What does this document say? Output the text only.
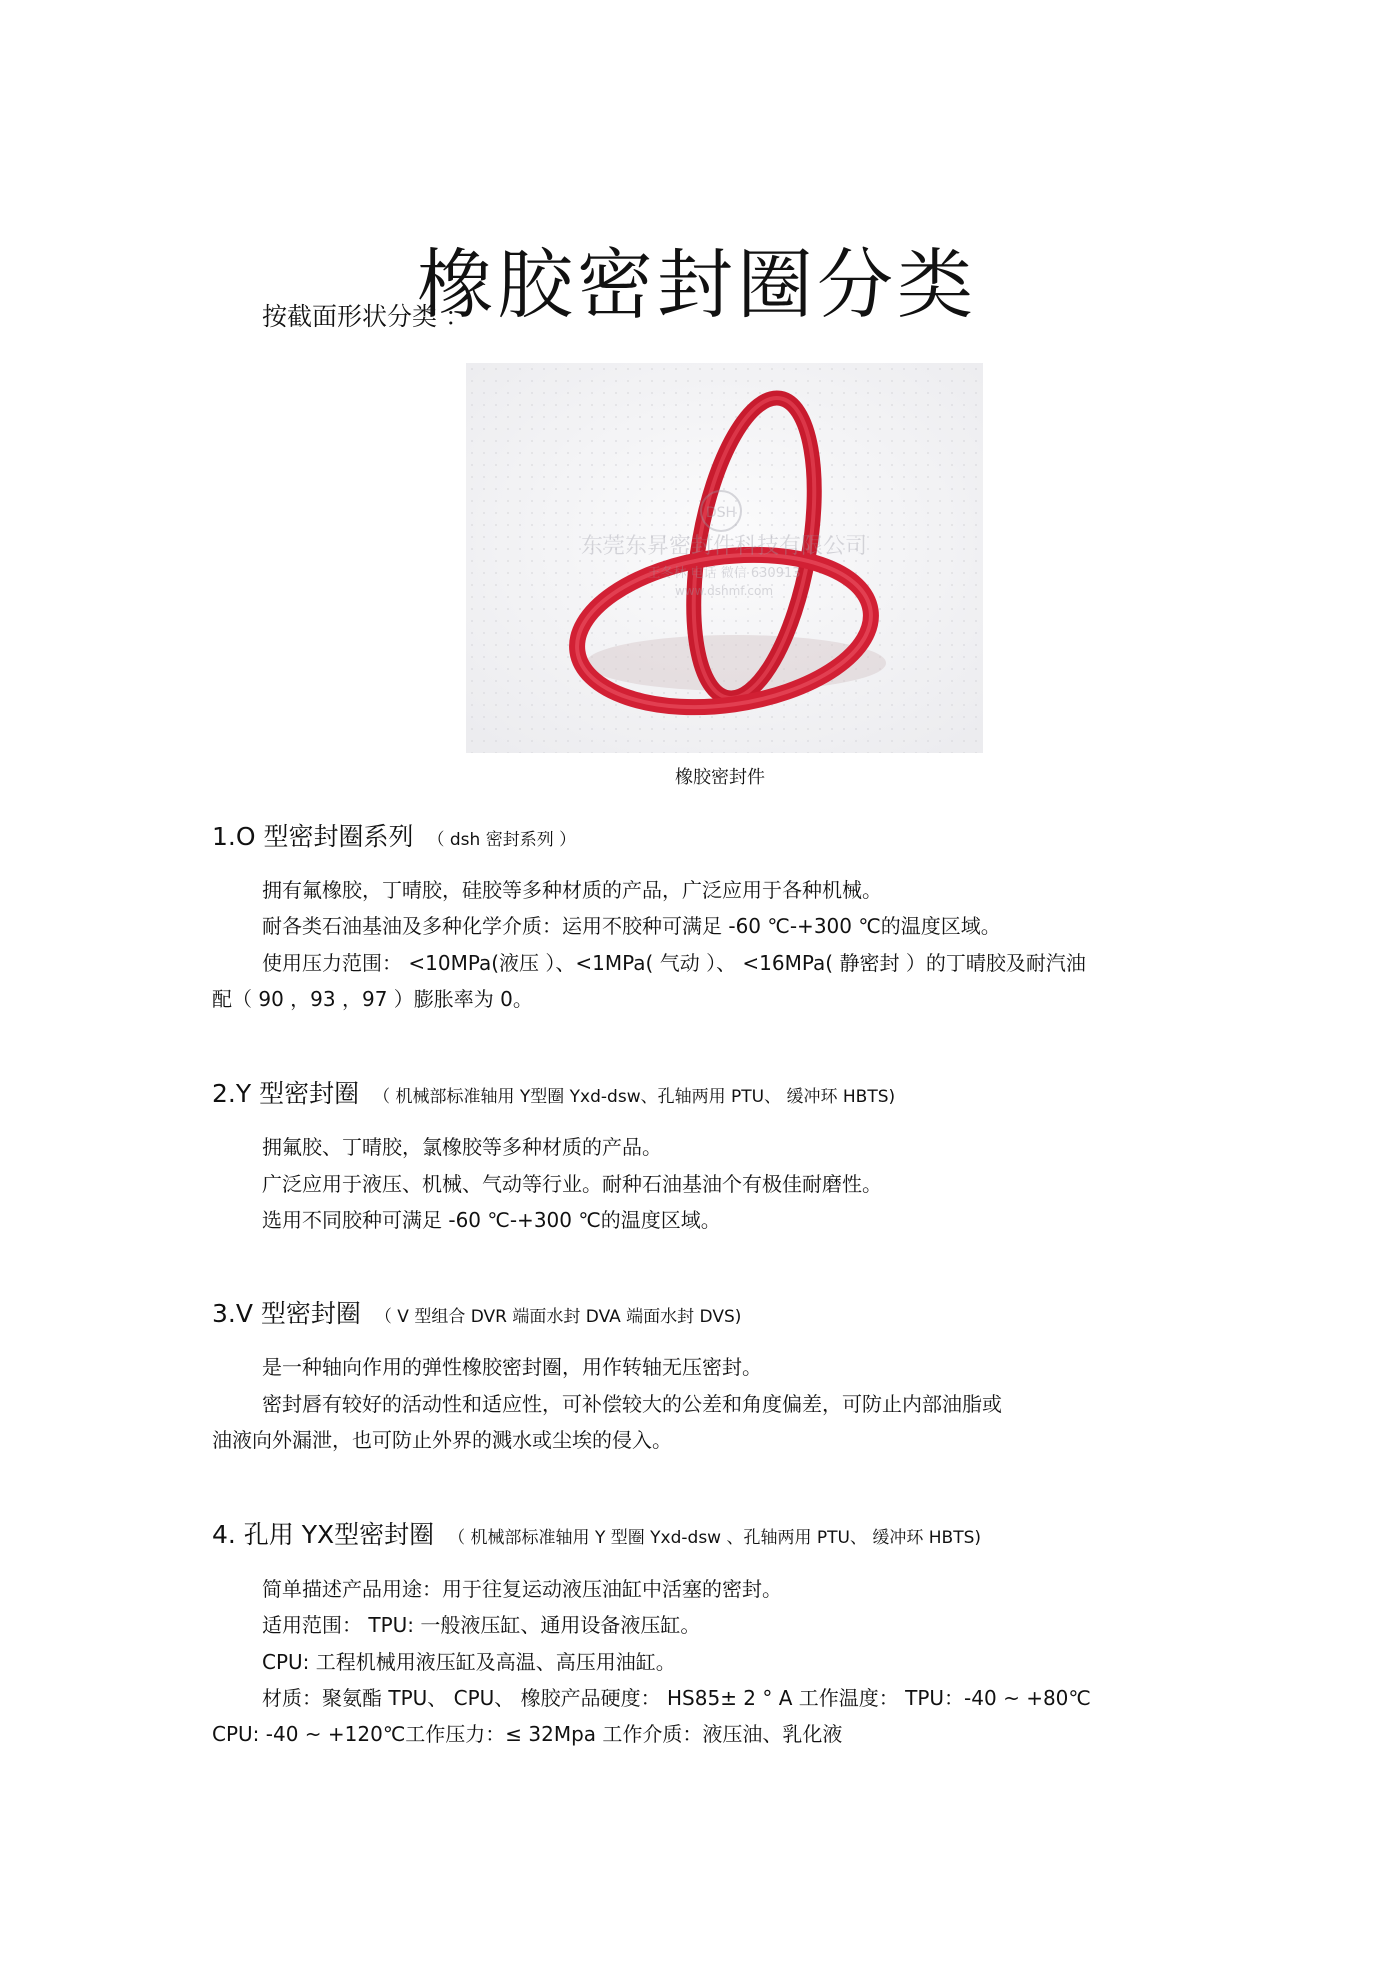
橡胶密封圈分类
按截面形状分类 ：
DSH
东莞东昇密封件科技有限公司
王冬林 电话 微信 630913
www.dshmf.com
橡胶密封件
1.O 型密封圈系列 （ dsh 密封系列 ）
拥有氟橡胶，丁晴胶，硅胶等多种材质的产品，广泛应用于各种机械。
耐各类石油基油及多种化学介质：运用不胶种可满足 -60 ℃-+300 ℃的温度区域。
使用压力范围： <10MPa(液压 ）、<1MPa( 气动 ）、 <16MPa( 静密封 ）的丁晴胶及耐汽油
配（ 90 ，93 ，97 ）膨胀率为 0。
2.Y 型密封圈 （ 机械部标准轴用 Y型圈 Yxd-dsw、孔轴两用 PTU、 缓冲环 HBTS)
拥氟胶、丁晴胶，氯橡胶等多种材质的产品。
广泛应用于液压、机械、气动等行业。耐种石油基油个有极佳耐磨性。
选用不同胶种可满足 -60 ℃-+300 ℃的温度区域。
3.V 型密封圈 （ V 型组合 DVR 端面水封 DVA 端面水封 DVS)
是一种轴向作用的弹性橡胶密封圈，用作转轴无压密封。
密封唇有较好的活动性和适应性，可补偿较大的公差和角度偏差，可防止内部油脂或
油液向外漏泄，也可防止外界的溅水或尘埃的侵入。
4. 孔用 YX型密封圈 （ 机械部标准轴用 Y 型圈 Yxd-dsw 、孔轴两用 PTU、 缓冲环 HBTS)
简单描述产品用途：用于往复运动液压油缸中活塞的密封。
适用范围： TPU: 一般液压缸、通用设备液压缸。
CPU: 工程机械用液压缸及高温、高压用油缸。
材质：聚氨酯 TPU、 CPU、 橡胶产品硬度： HS85± 2 ° A 工作温度： TPU：-40 ~ +80℃
CPU: -40 ~ +120℃工作压力：≤ 32Mpa 工作介质：液压油、乳化液
